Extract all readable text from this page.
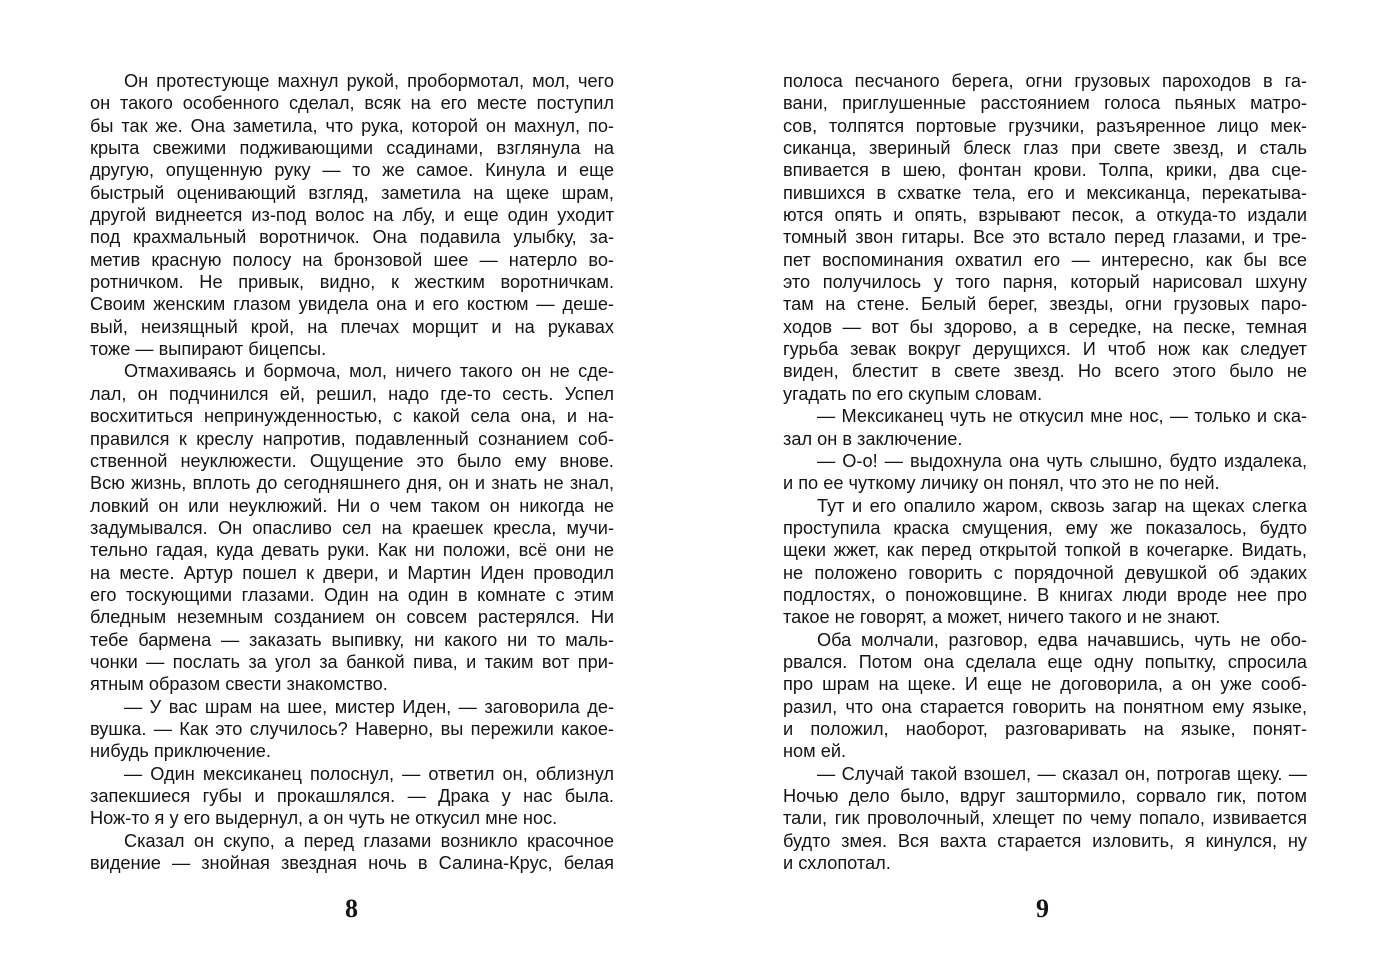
Он протестующе махнул рукой, пробормотал, мол, чего
он такого особенного сделал, всяк на его месте поступил
бы так же. Она заметила, что рука, которой он махнул, по-
крыта свежими подживающими ссадинами, взглянула на
другую, опущенную руку — то же самое. Кинула и еще
быстрый оценивающий взгляд, заметила на щеке шрам,
другой виднеется из-под волос на лбу, и еще один уходит
под крахмальный воротничок. Она подавила улыбку, за-
метив красную полосу на бронзовой шее — натерло во-
ротничком. Не привык, видно, к жестким воротничкам.
Своим женским глазом увидела она и его костюм — деше-
вый, неизящный крой, на плечах морщит и на рукавах
тоже — выпирают бицепсы.
Отмахиваясь и бормоча, мол, ничего такого он не сде-
лал, он подчинился ей, решил, надо где-то сесть. Успел
восхититься непринужденностью, с какой села она, и на-
правился к креслу напротив, подавленный сознанием соб-
ственной неуклюжести. Ощущение это было ему внове.
Всю жизнь, вплоть до сегодняшнего дня, он и знать не знал,
ловкий он или неуклюжий. Ни о чем таком он никогда не
задумывался. Он опасливо сел на краешек кресла, мучи-
тельно гадая, куда девать руки. Как ни положи, всё они не
на месте. Артур пошел к двери, и Мартин Иден проводил
его тоскующими глазами. Один на один в комнате с этим
бледным неземным созданием он совсем растерялся. Ни
тебе бармена — заказать выпивку, ни какого ни то маль-
чонки — послать за угол за банкой пива, и таким вот при-
ятным образом свести знакомство.
— У вас шрам на шее, мистер Иден, — заговорила де-
вушка. — Как это случилось? Наверно, вы пережили какое-
нибудь приключение.
— Один мексиканец полоснул, — ответил он, облизнул
запекшиеся губы и прокашлялся. — Драка у нас была.
Нож-то я у его выдернул, а он чуть не откусил мне нос.
Сказал он скупо, а перед глазами возникло красочное
видение — знойная звездная ночь в Салина-Крус, белая
полоса песчаного берега, огни грузовых пароходов в га-
вани, приглушенные расстоянием голоса пьяных матро-
сов, толпятся портовые грузчики, разъяренное лицо мек-
сиканца, звериный блеск глаз при свете звезд, и сталь
впивается в шею, фонтан крови. Толпа, крики, два сце-
пившихся в схватке тела, его и мексиканца, перекатыва-
ются опять и опять, взрывают песок, а откуда-то издали
томный звон гитары. Все это встало перед глазами, и тре-
пет воспоминания охватил его — интересно, как бы все
это получилось у того парня, который нарисовал шхуну
там на стене. Белый берег, звезды, огни грузовых паро-
ходов — вот бы здорово, а в середке, на песке, темная
гурьба зевак вокруг дерущихся. И чтоб нож как следует
виден, блестит в свете звезд. Но всего этого было не
угадать по его скупым словам.
— Мексиканец чуть не откусил мне нос, — только и ска-
зал он в заключение.
— О-о! — выдохнула она чуть слышно, будто издалека,
и по ее чуткому личику он понял, что это не по ней.
Тут и его опалило жаром, сквозь загар на щеках слегка
проступила краска смущения, ему же показалось, будто
щеки жжет, как перед открытой топкой в кочегарке. Видать,
не положено говорить с порядочной девушкой об эдаких
подлостях, о поножовщине. В книгах люди вроде нее про
такое не говорят, а может, ничего такого и не знают.
Оба молчали, разговор, едва начавшись, чуть не обо-
рвался. Потом она сделала еще одну попытку, спросила
про шрам на щеке. И еще не договорила, а он уже сооб-
разил, что она старается говорить на понятном ему языке,
и положил, наоборот, разговаривать на языке, понят-
ном ей.
— Случай такой взошел, — сказал он, потрогав щеку. —
Ночью дело было, вдруг заштормило, сорвало гик, потом
тали, гик проволочный, хлещет по чему попало, извивается
будто змея. Вся вахта старается изловить, я кинулся, ну
и схлопотал.
8	9
